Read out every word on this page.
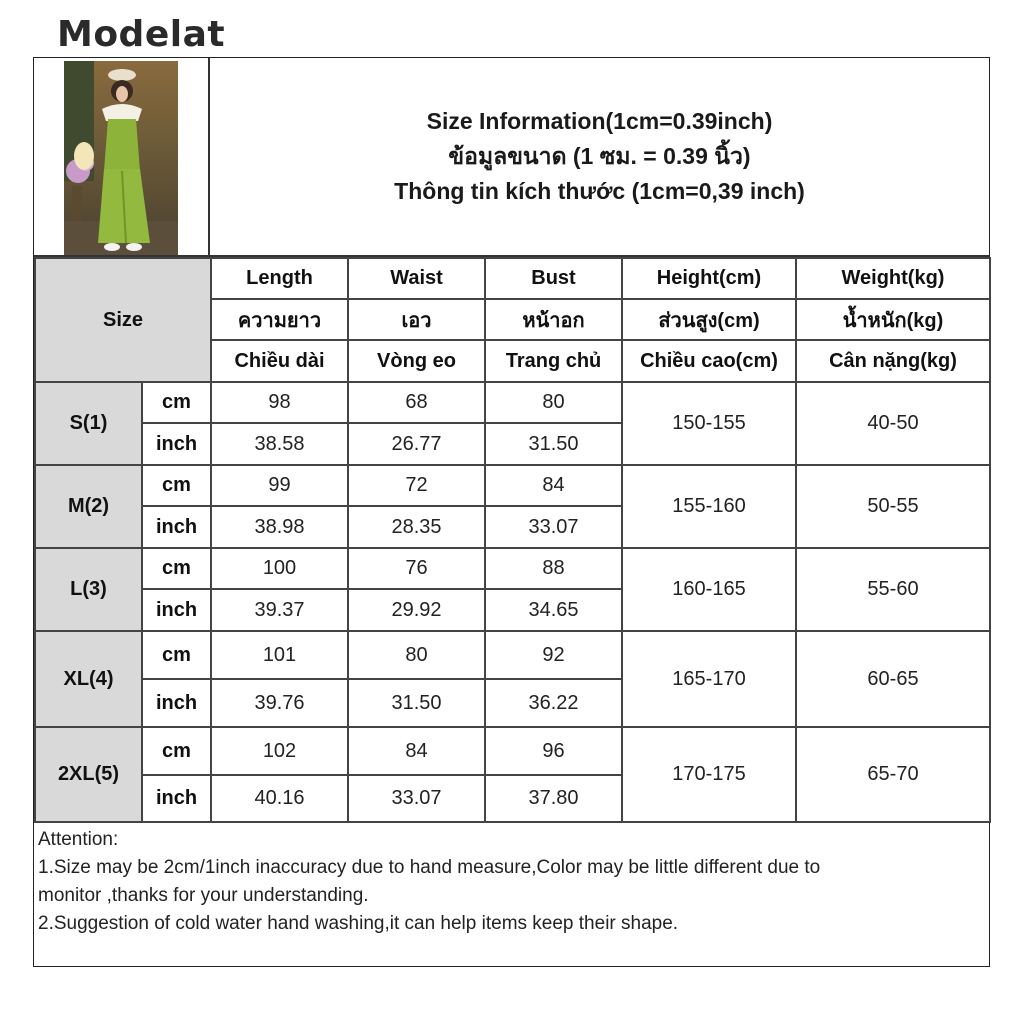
Modelat
Size Information(1cm=0.39inch)
ข้อมูลขนาด (1 ซม. = 0.39 นิ้ว)
Thông tin kích thước (1cm=0,39 inch)
Size		Length	Waist	Bust	Height(cm)	Weight(kg)
		ความยาว	เอว	หน้าอก	ส่วนสูง(cm)	น้ำหนัก(kg)
		Chiều dài	Vòng eo	Trang chủ	Chiều cao(cm)	Cân nặng(kg)
S(1)	cm	98	68	80	150-155	40-50
	inch	38.58	26.77	31.50		
M(2)	cm	99	72	84	155-160	50-55
	inch	38.98	28.35	33.07		
L(3)	cm	100	76	88	160-165	55-60
	inch	39.37	29.92	34.65		
XL(4)	cm	101	80	92	165-170	60-65
	inch	39.76	31.50	36.22		
2XL(5)	cm	102	84	96	170-175	65-70
	inch	40.16	33.07	37.80		
Attention:
1.Size may be 2cm/1inch inaccuracy due to hand measure,Color may be little different due to
monitor ,thanks for your understanding.
2.Suggestion of cold water hand washing,it can help items keep their shape.
